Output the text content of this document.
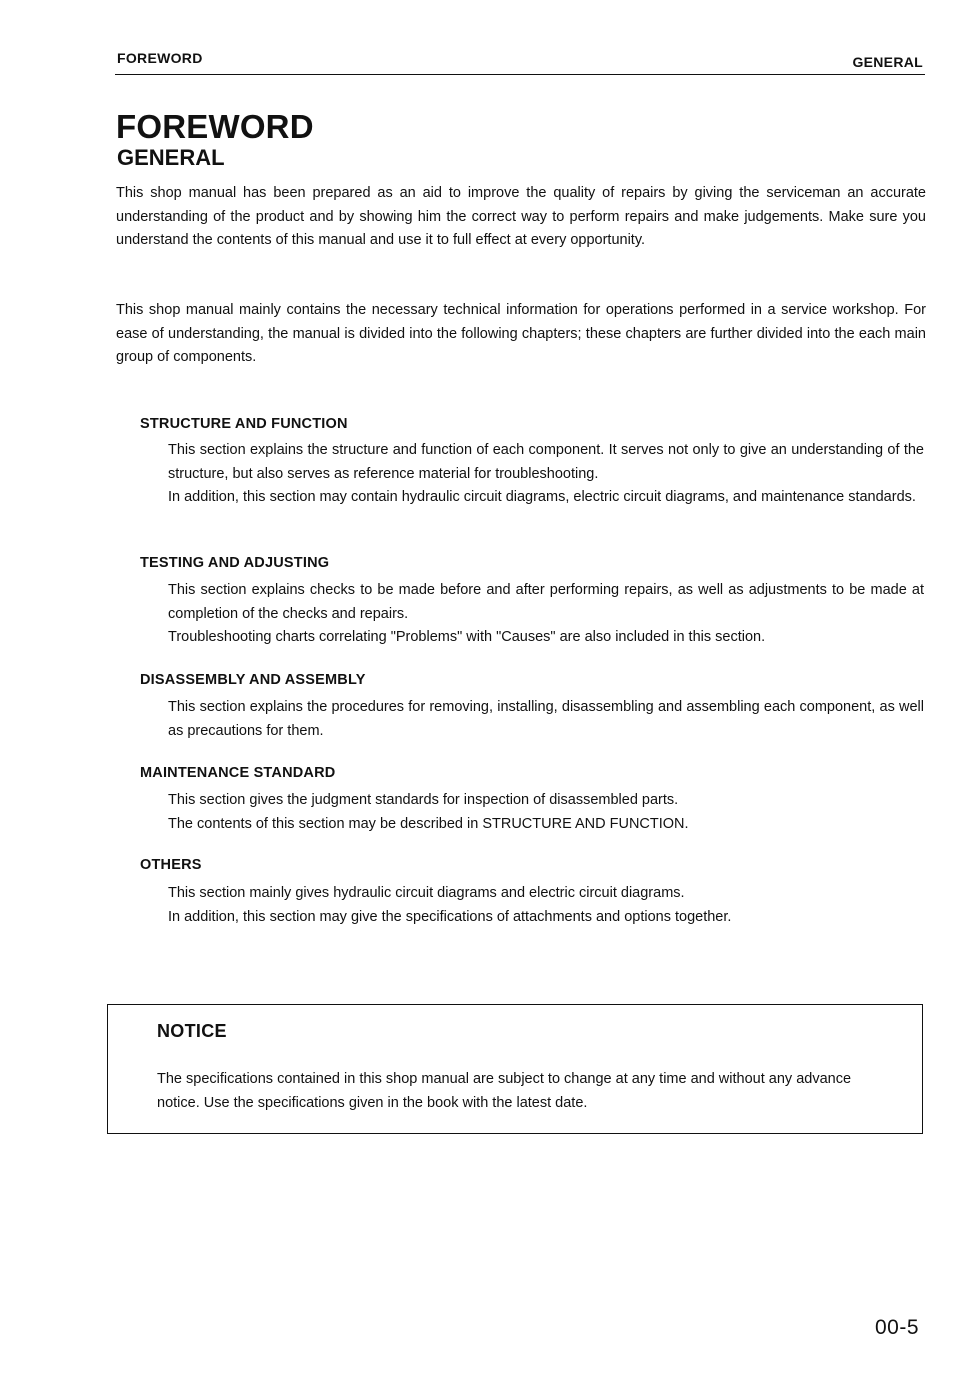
FOREWORD	GENERAL
FOREWORD
GENERAL

This shop manual has been prepared as an aid to improve the quality of repairs by giving the serviceman an accurate understanding of the product and by showing him the correct way to perform repairs and make judgements. Make sure you understand the contents of this manual and use it to full effect at every opportunity.

This shop manual mainly contains the necessary technical information for operations performed in a service workshop. For ease of understanding, the manual is divided into the following chapters; these chapters are further divided into the each main group of components.

STRUCTURE AND FUNCTION

This section explains the structure and function of each component. It serves not only to give an understanding of the structure, but also serves as reference material for troubleshooting.

In addition, this section may contain hydraulic circuit diagrams, electric circuit diagrams, and maintenance standards.

TESTING AND ADJUSTING

This section explains checks to be made before and after performing repairs, as well as adjustments to be made at completion of the checks and repairs.

Troubleshooting charts correlating "Problems" with "Causes" are also included in this section.

DISASSEMBLY AND ASSEMBLY

This section explains the procedures for removing, installing, disassembling and assembling each component, as well as precautions for them.

MAINTENANCE STANDARD

This section gives the judgment standards for inspection of disassembled parts.

The contents of this section may be described in STRUCTURE AND FUNCTION.

OTHERS

This section mainly gives hydraulic circuit diagrams and electric circuit diagrams.

In addition, this section may give the specifications of attachments and options together.

NOTICE

The specifications contained in this shop manual are subject to change at any time and without any advance notice. Use the specifications given in the book with the latest date.

00-5
